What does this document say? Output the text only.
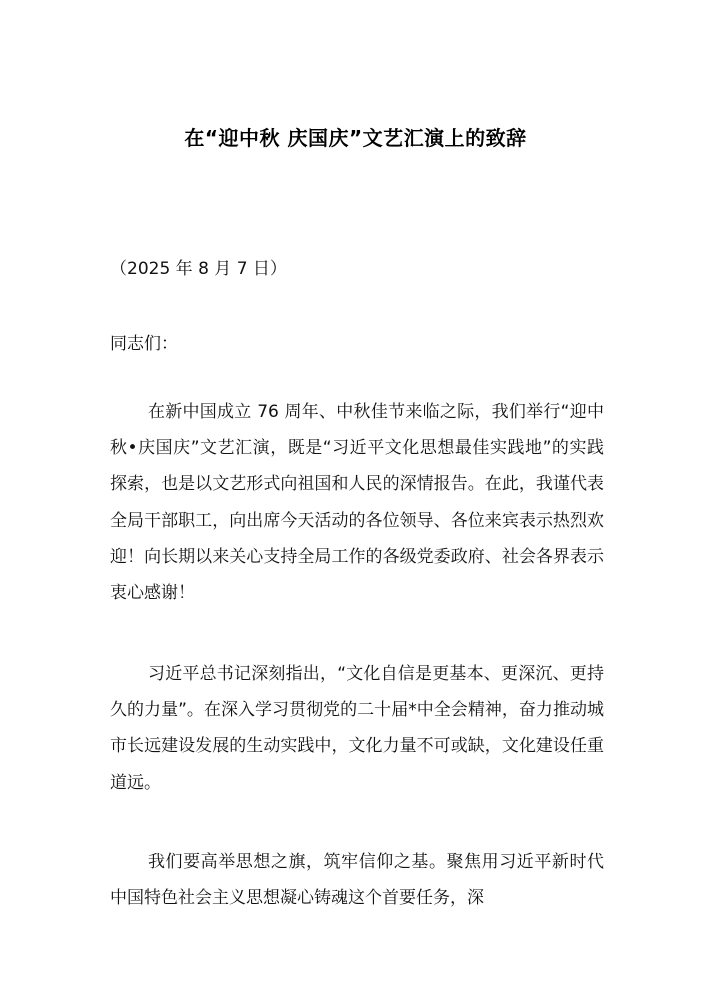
在“迎中秋 庆国庆”文艺汇演上的致辞
（2025 年 8 月 7 日）
同志们：

在新中国成立 76 周年、中秋佳节来临之际，我们举行“迎中秋•庆国庆”文艺汇演，既是“习近平文化思想最佳实践地”的实践探索，也是以文艺形式向祖国和人民的深情报告。在此，我谨代表全局干部职工，向出席今天活动的各位领导、各位来宾表示热烈欢迎！向长期以来关心支持全局工作的各级党委政府、社会各界表示衷心感谢！

习近平总书记深刻指出，“文化自信是更基本、更深沉、更持久的力量”。在深入学习贯彻党的二十届*中全会精神，奋力推动城市长远建设发展的生动实践中，文化力量不可或缺，文化建设任重道远。

我们要高举思想之旗，筑牢信仰之基。聚焦用习近平新时代中国特色社会主义思想凝心铸魂这个首要任务，深
